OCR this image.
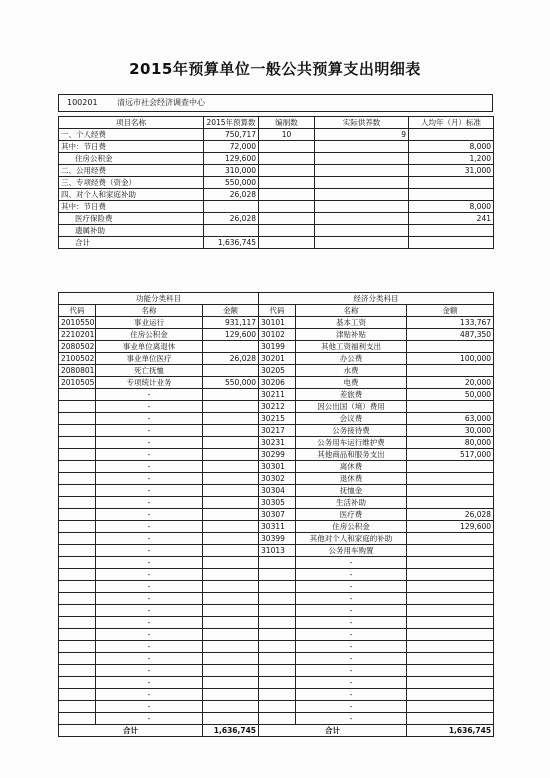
2015年预算单位一般公共预算支出明细表
100201 清远市社会经济调查中心
项目名称	2015年预算数	编制数	实际供养数	人均年（月）标准
一、个人经费	750,717	10	9	
其中：节日费	72,000			8,000
住房公积金	129,600			1,200
二、公用经费	310,000			31,000
三、专项经费（资金）	550,000			
四、对个人和家庭补助	26,028			
其中：节日费				8,000
医疗保险费	26,028			241
遗属补助				
合计	1,636,745			
功能分类科目			经济分类科目		
代码	名称	金额	代码	名称	金额
2010550	事业运行	931,117	30101	基本工资	133,767
2210201	住房公积金	129,600	30102	津贴补贴	487,350
2080502	事业单位离退休		30199	其他工资福利支出	
2100502	事业单位医疗	26,028	30201	办公费	100,000
2080801	死亡抚恤		30205	水费	
2010505	专项统计业务	550,000	30206	电费	20,000
	-		30211	差旅费	50,000
	-		30212	因公出国（境）费用	
	-		30215	会议费	63,000
	-		30217	公务接待费	30,000
	-		30231	公务用车运行维护费	80,000
	-		30299	其他商品和服务支出	517,000
	-		30301	离休费	
	-		30302	退休费	
	-		30304	抚恤金	
	-		30305	生活补助	
	-		30307	医疗费	26,028
	-		30311	住房公积金	129,600
	-		30399	其他对个人和家庭的补助	
	-		31013	公务用车购置	
	-			-	
	-			-	
	-			-	
	-			-	
	-			-	
	-			-	
	-			-	
	-			-	
	-			-	
	-			-	
	-			-	
	-			-	
	-			-	
	-			-	
合计		1,636,745	合计		1,636,745
